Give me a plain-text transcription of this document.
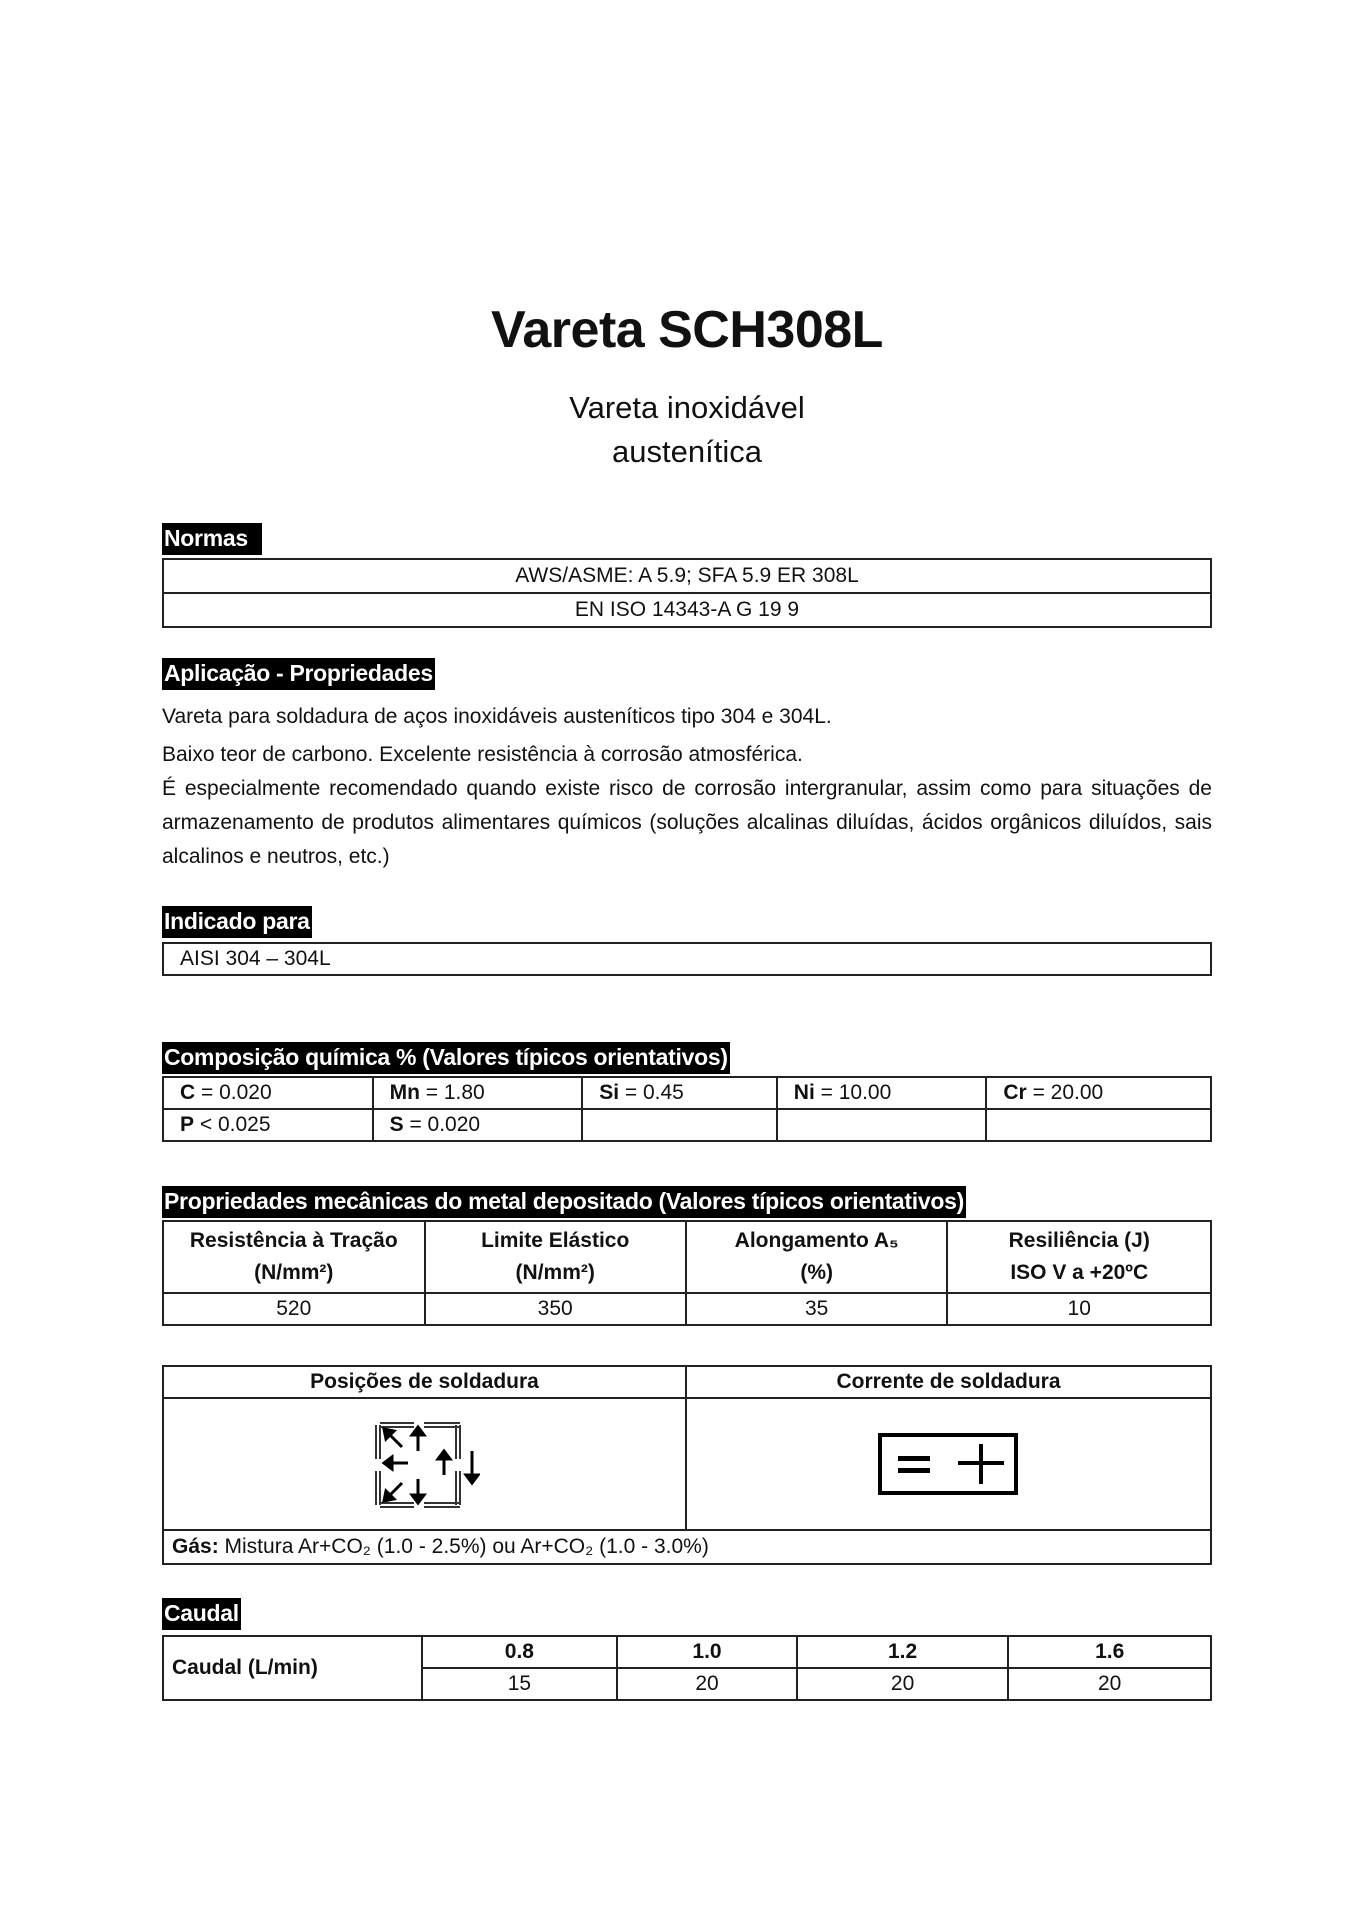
Vareta SCH308L
Vareta inoxidável
austenítica
Normas
AWS/ASME: A 5.9; SFA 5.9 ER 308L
EN ISO 14343-A G 19 9
Aplicação - Propriedades

Vareta para soldadura de aços inoxidáveis austeníticos tipo 304 e 304L.

Baixo teor de carbono. Excelente resistência à corrosão atmosférica.

É especialmente recomendado quando existe risco de corrosão intergranular, assim como para situações de armazenamento de produtos alimentares químicos (soluções alcalinas diluídas, ácidos orgânicos diluídos, sais alcalinos e neutros, etc.)

Indicado para
AISI 304 – 304L
Composição química % (Valores típicos orientativos)
C = 0.020	Mn = 1.80	Si = 0.45	Ni = 10.00	Cr = 20.00
P < 0.025	S = 0.020			
Propriedades mecânicas do metal depositado (Valores típicos orientativos)
Resistência à Tração
(N/mm²)

Limite Elástico
(N/mm²)

Alongamento A₅
(%)

Resiliência (J)
ISO V a +20ºC

520	350	35	10
Posições de soldadura	Corrente de soldadura

Gás: Mistura Ar+CO₂ (1.0 - 2.5%) ou Ar+CO₂ (1.0 - 3.0%)	
Caudal
Caudal (L/min)	0.8	1.0	1.2	1.6
	15	20	20	20
